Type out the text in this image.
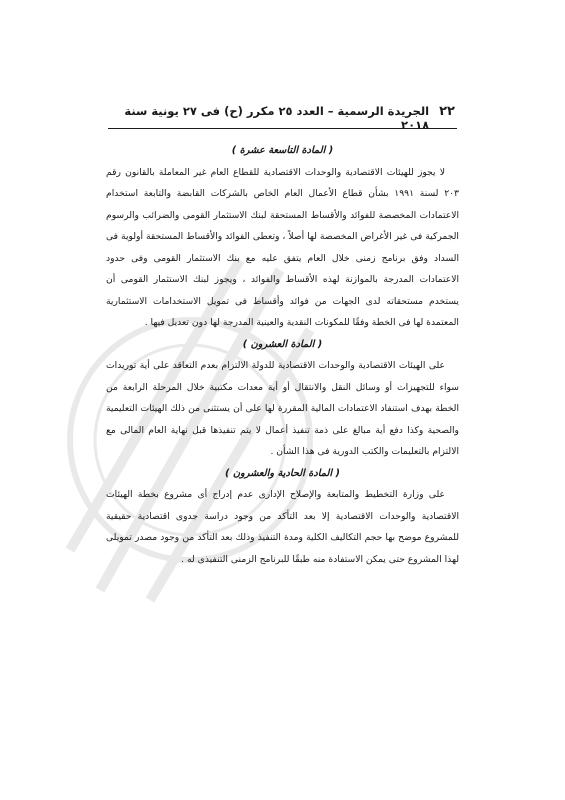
٢٢
الجريدة الرسمية – العدد ٢٥ مكرر (ح) فى ٢٧ يونية سنة ٢٠١٨
( المادة التاسعة عشرة )

لا يجوز للهيئات الاقتصادية والوحدات الاقتصادية للقطاع العام غير المعاملة بالقانون رقم ٢٠٣ لسنة ١٩٩١ بشأن قطاع الأعمال العام الخاص بالشركات القابضة والتابعة استخدام الاعتمادات المخصصة للفوائد والأقساط المستحقة لبنك الاستثمار القومى والضرائب والرسوم الجمركية فى غير الأغراض المخصصة لها أصلاً ، وتعطى الفوائد والأقساط المستحقة أولوية فى السداد وفق برنامج زمنى خلال العام يتفق عليه مع بنك الاستثمار القومى وفى حدود الاعتمادات المدرجة بالموازنة لهذه الأقساط والفوائد ، ويجوز لبنك الاستثمار القومى أن يستخدم مستحقاته لدى الجهات من فوائد وأقساط فى تمويل الاستخدامات الاستثمارية المعتمدة لها فى الخطة وفقًا للمكونات النقدية والعينية المدرجة لها دون تعديل فيها .

( المادة العشرون )

على الهيئات الاقتصادية والوحدات الاقتصادية للدولة الالتزام بعدم التعاقد على أية توريدات سواء للتجهيزات أو وسائل النقل والانتقال أو أية معدات مكتبية خلال المرحلة الرابعة من الخطة بهدف استنفاد الاعتمادات المالية المقررة لها على أن يستثنى من ذلك الهيئات التعليمية والصحية وكذا دفع أية مبالغ على ذمة تنفيذ أعمال لا يتم تنفيذها قبل نهاية العام المالى مع الالتزام بالتعليمات والكتب الدورية فى هذا الشأن .

( المادة الحادية والعشرون )

على وزارة التخطيط والمتابعة والإصلاح الإدارى عدم إدراج أى مشروع بخطة الهيئات الاقتصادية والوحدات الاقتصادية إلا بعد التأكد من وجود دراسة جدوى اقتصادية حقيقية للمشروع موضح بها حجم التكاليف الكلية ومدة التنفيذ وذلك بعد التأكد من وجود مصدر تمويلى لهذا المشروع حتى يمكن الاستفادة منه طبقًا للبرنامج الزمنى التنفيذى له .
